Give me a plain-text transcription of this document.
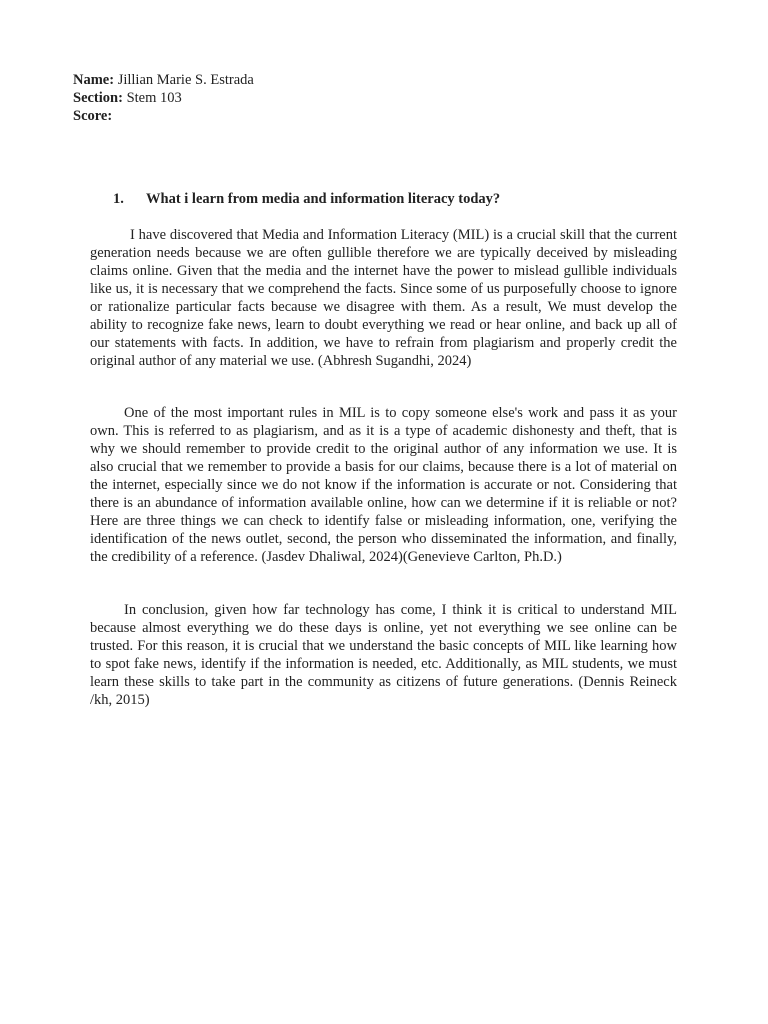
Name: Jillian Marie S. Estrada
Section: Stem 103
Score:
1. What i learn from media and information literacy today?

I have discovered that Media and Information Literacy (MIL) is a crucial skill that the current generation needs because we are often gullible therefore we are typically deceived by misleading claims online. Given that the media and the internet have the power to mislead gullible individuals like us, it is necessary that we comprehend the facts. Since some of us purposefully choose to ignore or rationalize particular facts because we disagree with them. As a result, We must develop the ability to recognize fake news, learn to doubt everything we read or hear online, and back up all of our statements with facts. In addition, we have to refrain from plagiarism and properly credit the original author of any material we use. (Abhresh Sugandhi, 2024)

One of the most important rules in MIL is to copy someone else's work and pass it as your own. This is referred to as plagiarism, and as it is a type of academic dishonesty and theft, that is why we should remember to provide credit to the original author of any information we use. It is also crucial that we remember to provide a basis for our claims, because there is a lot of material on the internet, especially since we do not know if the information is accurate or not. Considering that there is an abundance of information available online, how can we determine if it is reliable or not? Here are three things we can check to identify false or misleading information, one, verifying the identification of the news outlet, second, the person who disseminated the information, and finally, the credibility of a reference. (Jasdev Dhaliwal, 2024)(Genevieve Carlton, Ph.D.)

In conclusion, given how far technology has come, I think it is critical to understand MIL because almost everything we do these days is online, yet not everything we see online can be trusted. For this reason, it is crucial that we understand the basic concepts of MIL like learning how to spot fake news, identify if the information is needed, etc. Additionally, as MIL students, we must learn these skills to take part in the community as citizens of future generations. (Dennis Reineck /kh, 2015)
